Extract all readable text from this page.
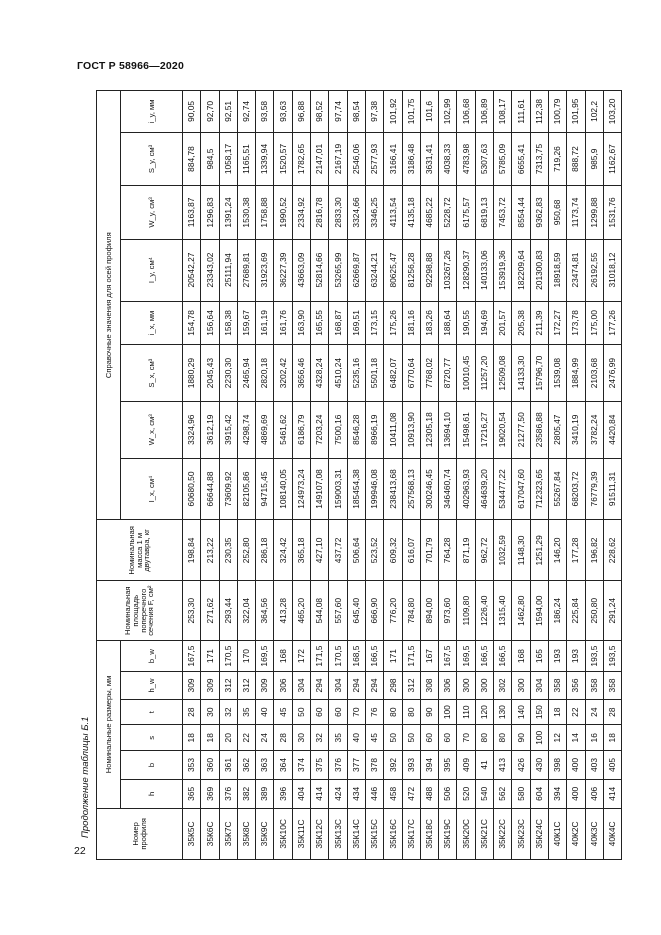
ГОСТ Р 58966—2020
22
Продолжение таблицы Б.1	Номер профиля	Номинальные размеры, мм						Номинальная площадь поперечного сечения F, см²	Номинальная масса 1 м двутавра, кг	Справочные значения для осей профиля							
	h	b	s	t	h_w	b_w			I_x, см⁴	W_x, см³	S_x, см³	i_x, мм	I_y, см⁴	W_y, см³	S_y, см³	i_y, мм
35К5С	365	353	18	28	309	167,5	253,30	198,84	60680,50	3324,96	1880,29	154,78	20542,27	1163,87	884,78	90,05
35К6С	369	360	18	30	309	171	271,62	213,22	66644,88	3612,19	2045,43	156,64	23343,02	1296,83	984,5	92,70
35К7С	376	361	20	32	312	170,5	293,44	230,35	73609,92	3915,42	2230,30	158,38	25111,94	1391,24	1058,17	92,51
35К8С	382	362	22	35	312	170	322,04	252,80	82105,86	4298,74	2465,94	159,67	27689,81	1530,38	1165,51	92,74
35К9С	389	363	24	40	309	169,5	364,56	286,18	94715,45	4869,69	2820,18	161,19	31923,69	1758,88	1339,94	93,58
35К10С	396	364	28	45	306	168	413,28	324,42	108140,05	5461,62	3202,42	161,76	36227,39	1990,52	1520,57	93,63
35К11С	404	374	30	50	304	172	465,20	365,18	124973,24	6186,79	3656,46	163,90	43663,09	2334,92	1782,65	96,88
35К12С	414	375	32	60	294	171,5	544,08	427,10	149107,08	7203,24	4328,24	165,55	52814,66	2816,78	2147,01	98,52
35К13С	424	376	35	60	304	170,5	557,60	437,72	159003,31	7500,16	4510,24	168,87	53265,99	2833,30	2167,19	97,74
35К14С	434	377	40	70	294	168,5	645,40	506,64	185454,38	8546,28	5235,16	169,51	62669,87	3324,66	2546,06	98,54
35К15С	446	378	45	76	294	166,5	666,90	523,52	199946,08	8966,19	5501,18	173,15	63244,21	3346,25	2577,93	97,38
35К16С	458	392	50	80	298	171	776,20	609,32	238413,68	10411,08	6482,07	175,26	80625,47	4113,54	3166,41	101,92
35К17С	472	393	50	80	312	171,5	784,80	616,07	257568,13	10913,90	6770,64	181,16	81256,28	4135,18	3186,48	101,75
35К18С	488	394	60	90	308	167	894,00	701,79	300246,45	12305,18	7768,02	183,26	92298,88	4685,22	3631,41	101,6
35К19С	506	395	60	100	306	167,5	973,60	764,28	346460,74	13694,10	8720,77	188,64	103267,26	5228,72	4038,33	102,99
35К20С	520	409	70	110	300	169,5	1109,80	871,19	402963,93	15498,61	10010,45	190,55	128290,37	6175,57	4783,98	106,68
35К21С	540	41	80	120	300	166,5	1226,40	962,72	464639,20	17216,27	11257,20	194,69	140133,06	6819,13	5307,63	106,89
35К22С	562	413	80	130	302	166,5	1315,40	1032,59	534477,22	19020,54	12509,08	201,57	153919,36	7453,72	5785,09	108,17
35К23С	580	426	90	140	300	168	1462,80	1148,30	617047,60	21277,50	14133,30	205,38	182209,64	8554,44	6655,41	111,61
35К24С	604	430	100	150	304	165	1594,00	1251,29	712323,65	23586,88	15796,70	211,39	201300,83	9362,83	7313,75	112,38
40К1С	394	398	12	18	358	193	186,24	146,20	55267,84	2805,47	1539,08	172,27	18918,59	950,68	719,26	100,79
40К2С	400	400	14	22	356	193	225,84	177,28	68203,72	3410,19	1884,99	173,78	23474,81	1173,74	888,72	101,95
40К3С	406	403	16	24	358	193,5	250,80	196,82	76779,39	3782,24	2103,68	175,00	26192,55	1299,88	985,9	102,2
40К4С	414	405	18	28	358	193,5	291,24	228,62	91511,31	4420,84	2476,99	177,26	31018,12	1531,76	1162,67	103,20
